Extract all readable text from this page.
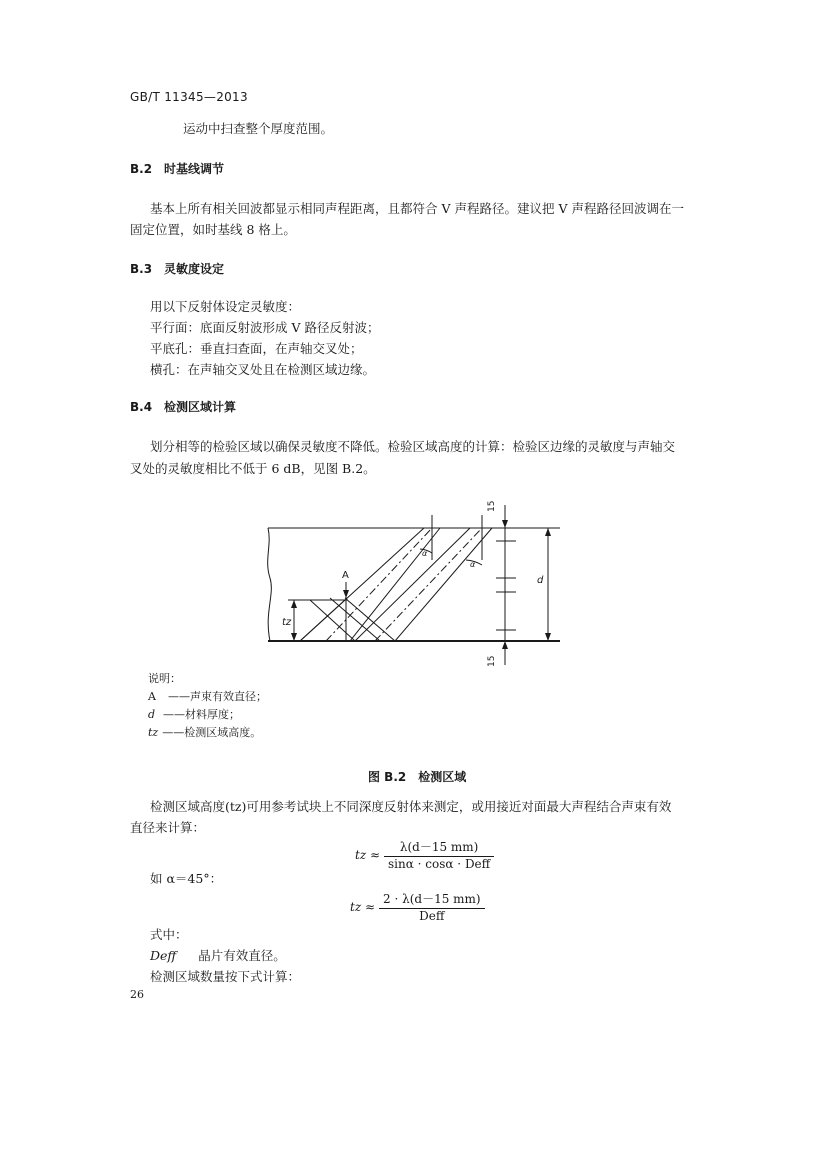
GB/T 11345—2013
运动中扫查整个厚度范围。
B.2　时基线调节
基本上所有相关回波都显示相同声程距离，且都符合 V 声程路径。建议把 V 声程路径回波调在一
固定位置，如时基线 8 格上。
B.3　灵敏度设定
用以下反射体设定灵敏度：
平行面：底面反射波形成 V 路径反射波；
平底孔：垂直扫查面，在声轴交叉处；
横孔：在声轴交叉处且在检测区域边缘。
B.4　检测区域计算
划分相等的检验区域以确保灵敏度不降低。检验区域高度的计算：检验区边缘的灵敏度与声轴交
叉处的灵敏度相比不低于 6 dB，见图 B.2。
A
tz
d
α
α
15
15
说明：
A ——声束有效直径；
d ——材料厚度；
tz ——检测区域高度。
图 B.2　检测区域
检测区域高度(tz)可用参考试块上不同深度反射体来测定，或用接近对面最大声程结合声束有效
直径来计算：
tz ≈ $\frac{\lambda(d-15 mm)}{\text{sinα · cosα · Deff}}$
如 α＝45°：
tz ≈ $\frac{2 \cdot \lambda(d-15 mm)}{\text{Deff}}$
式中：
Deff 晶片有效直径。
检测区域数量按下式计算：
26
